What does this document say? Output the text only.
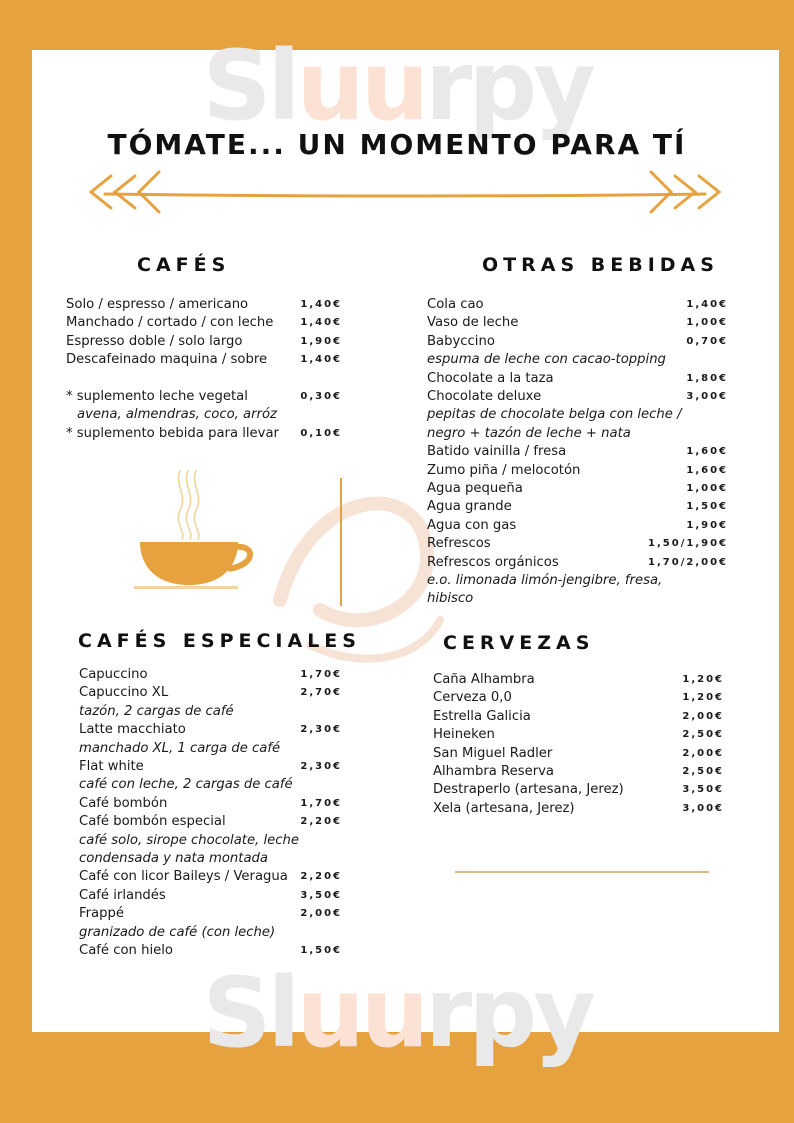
Sluurpy
Sluurpy
TÓMATE... UN MOMENTO PARA TÍ
CAFÉS
Solo / espresso / americano	1,40€
Manchado / cortado / con leche	1,40€
Espresso doble / solo largo	1,90€
Descafeinado maquina / sobre	1,40€
* suplemento leche vegetal	0,30€
avena, almendras, coco, arróz
* suplemento bebida para llevar 0,10€
CAFÉS ESPECIALES
Capuccino	1,70€
Capuccino XL	2,70€
tazón, 2 cargas de café
Latte macchiato	2,30€
manchado XL, 1 carga de café
Flat white	2,30€
café con leche, 2 cargas de café
Café bombón	1,70€
Café bombón especial	2,20€
café solo, sirope chocolate, leche
condensada y nata montada
Café con licor Baileys / Veragua 2,20€
Café irlandés	3,50€
Frappé	2,00€
granizado de café (con leche)
Café con hielo	1,50€
OTRAS BEBIDAS
Cola cao	1,40€
Vaso de leche	1,00€
Babyccino	0,70€
espuma de leche con cacao-topping
Chocolate a la taza	1,80€
Chocolate deluxe	3,00€
pepitas de chocolate belga con leche /
negro + tazón de leche + nata
Batido vainilla / fresa	1,60€
Zumo piña / melocotón	1,60€
Agua pequeña	1,00€
Agua grande	1,50€
Agua con gas	1,90€
Refrescos	1,50/1,90€
Refrescos orgánicos	1,70/2,00€
e.o. limonada limón-jengibre, fresa,
hibisco
CERVEZAS
Caña Alhambra	1,20€
Cerveza 0,0	1,20€
Estrella Galicia	2,00€
Heineken	2,50€
San Miguel Radler	2,00€
Alhambra Reserva	2,50€
Destraperlo (artesana, Jerez)	3,50€
Xela (artesana, Jerez)	3,00€
